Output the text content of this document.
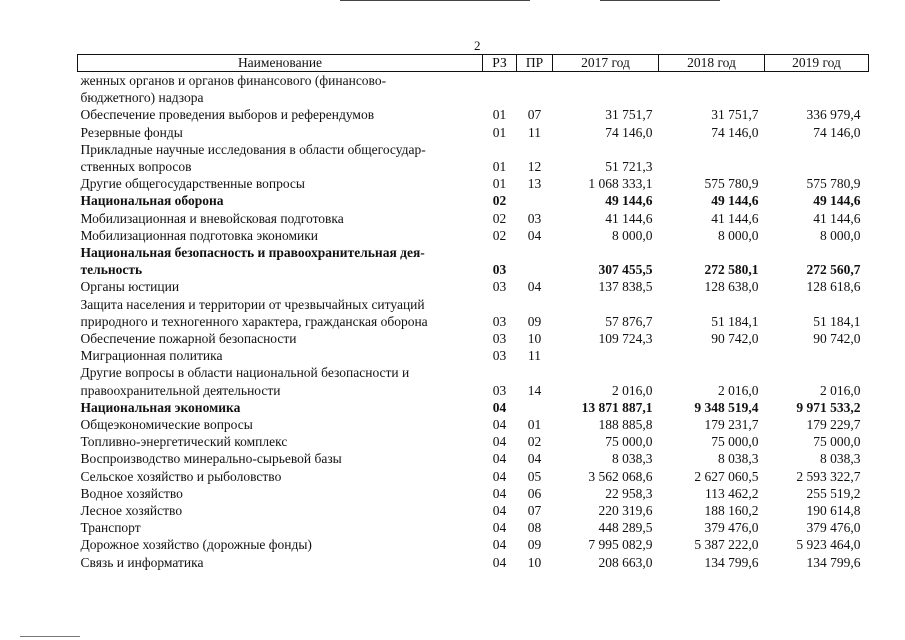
2
Наименование	РЗ	ПР	2017 год	2018 год	2019 год
женных органов и органов финансового (финансово-					
бюджетного) надзора					
Обеспечение проведения выборов и референдумов	01	07	31 751,7	31 751,7	336 979,4
Резервные фонды	01	11	74 146,0	74 146,0	74 146,0
Прикладные научные исследования в области общегосудар-					
ственных вопросов	01	12	51 721,3		
Другие общегосударственные вопросы	01	13	1 068 333,1	575 780,9	575 780,9
Национальная оборона	02		49 144,6	49 144,6	49 144,6
Мобилизационная и вневойсковая подготовка	02	03	41 144,6	41 144,6	41 144,6
Мобилизационная подготовка экономики	02	04	8 000,0	8 000,0	8 000,0
Национальная безопасность и правоохранительная дея-					
тельность	03		307 455,5	272 580,1	272 560,7
Органы юстиции	03	04	137 838,5	128 638,0	128 618,6
Защита населения и территории от чрезвычайных ситуаций					
природного и техногенного характера, гражданская оборона	03	09	57 876,7	51 184,1	51 184,1
Обеспечение пожарной безопасности	03	10	109 724,3	90 742,0	90 742,0
Миграционная политика	03	11			
Другие вопросы в области национальной безопасности и					
правоохранительной деятельности	03	14	2 016,0	2 016,0	2 016,0
Национальная экономика	04		13 871 887,1	9 348 519,4	9 971 533,2
Общеэкономические вопросы	04	01	188 885,8	179 231,7	179 229,7
Топливно-энергетический комплекс	04	02	75 000,0	75 000,0	75 000,0
Воспроизводство минерально-сырьевой базы	04	04	8 038,3	8 038,3	8 038,3
Сельское хозяйство и рыболовство	04	05	3 562 068,6	2 627 060,5	2 593 322,7
Водное хозяйство	04	06	22 958,3	113 462,2	255 519,2
Лесное хозяйство	04	07	220 319,6	188 160,2	190 614,8
Транспорт	04	08	448 289,5	379 476,0	379 476,0
Дорожное хозяйство (дорожные фонды)	04	09	7 995 082,9	5 387 222,0	5 923 464,0
Связь и информатика	04	10	208 663,0	134 799,6	134 799,6
